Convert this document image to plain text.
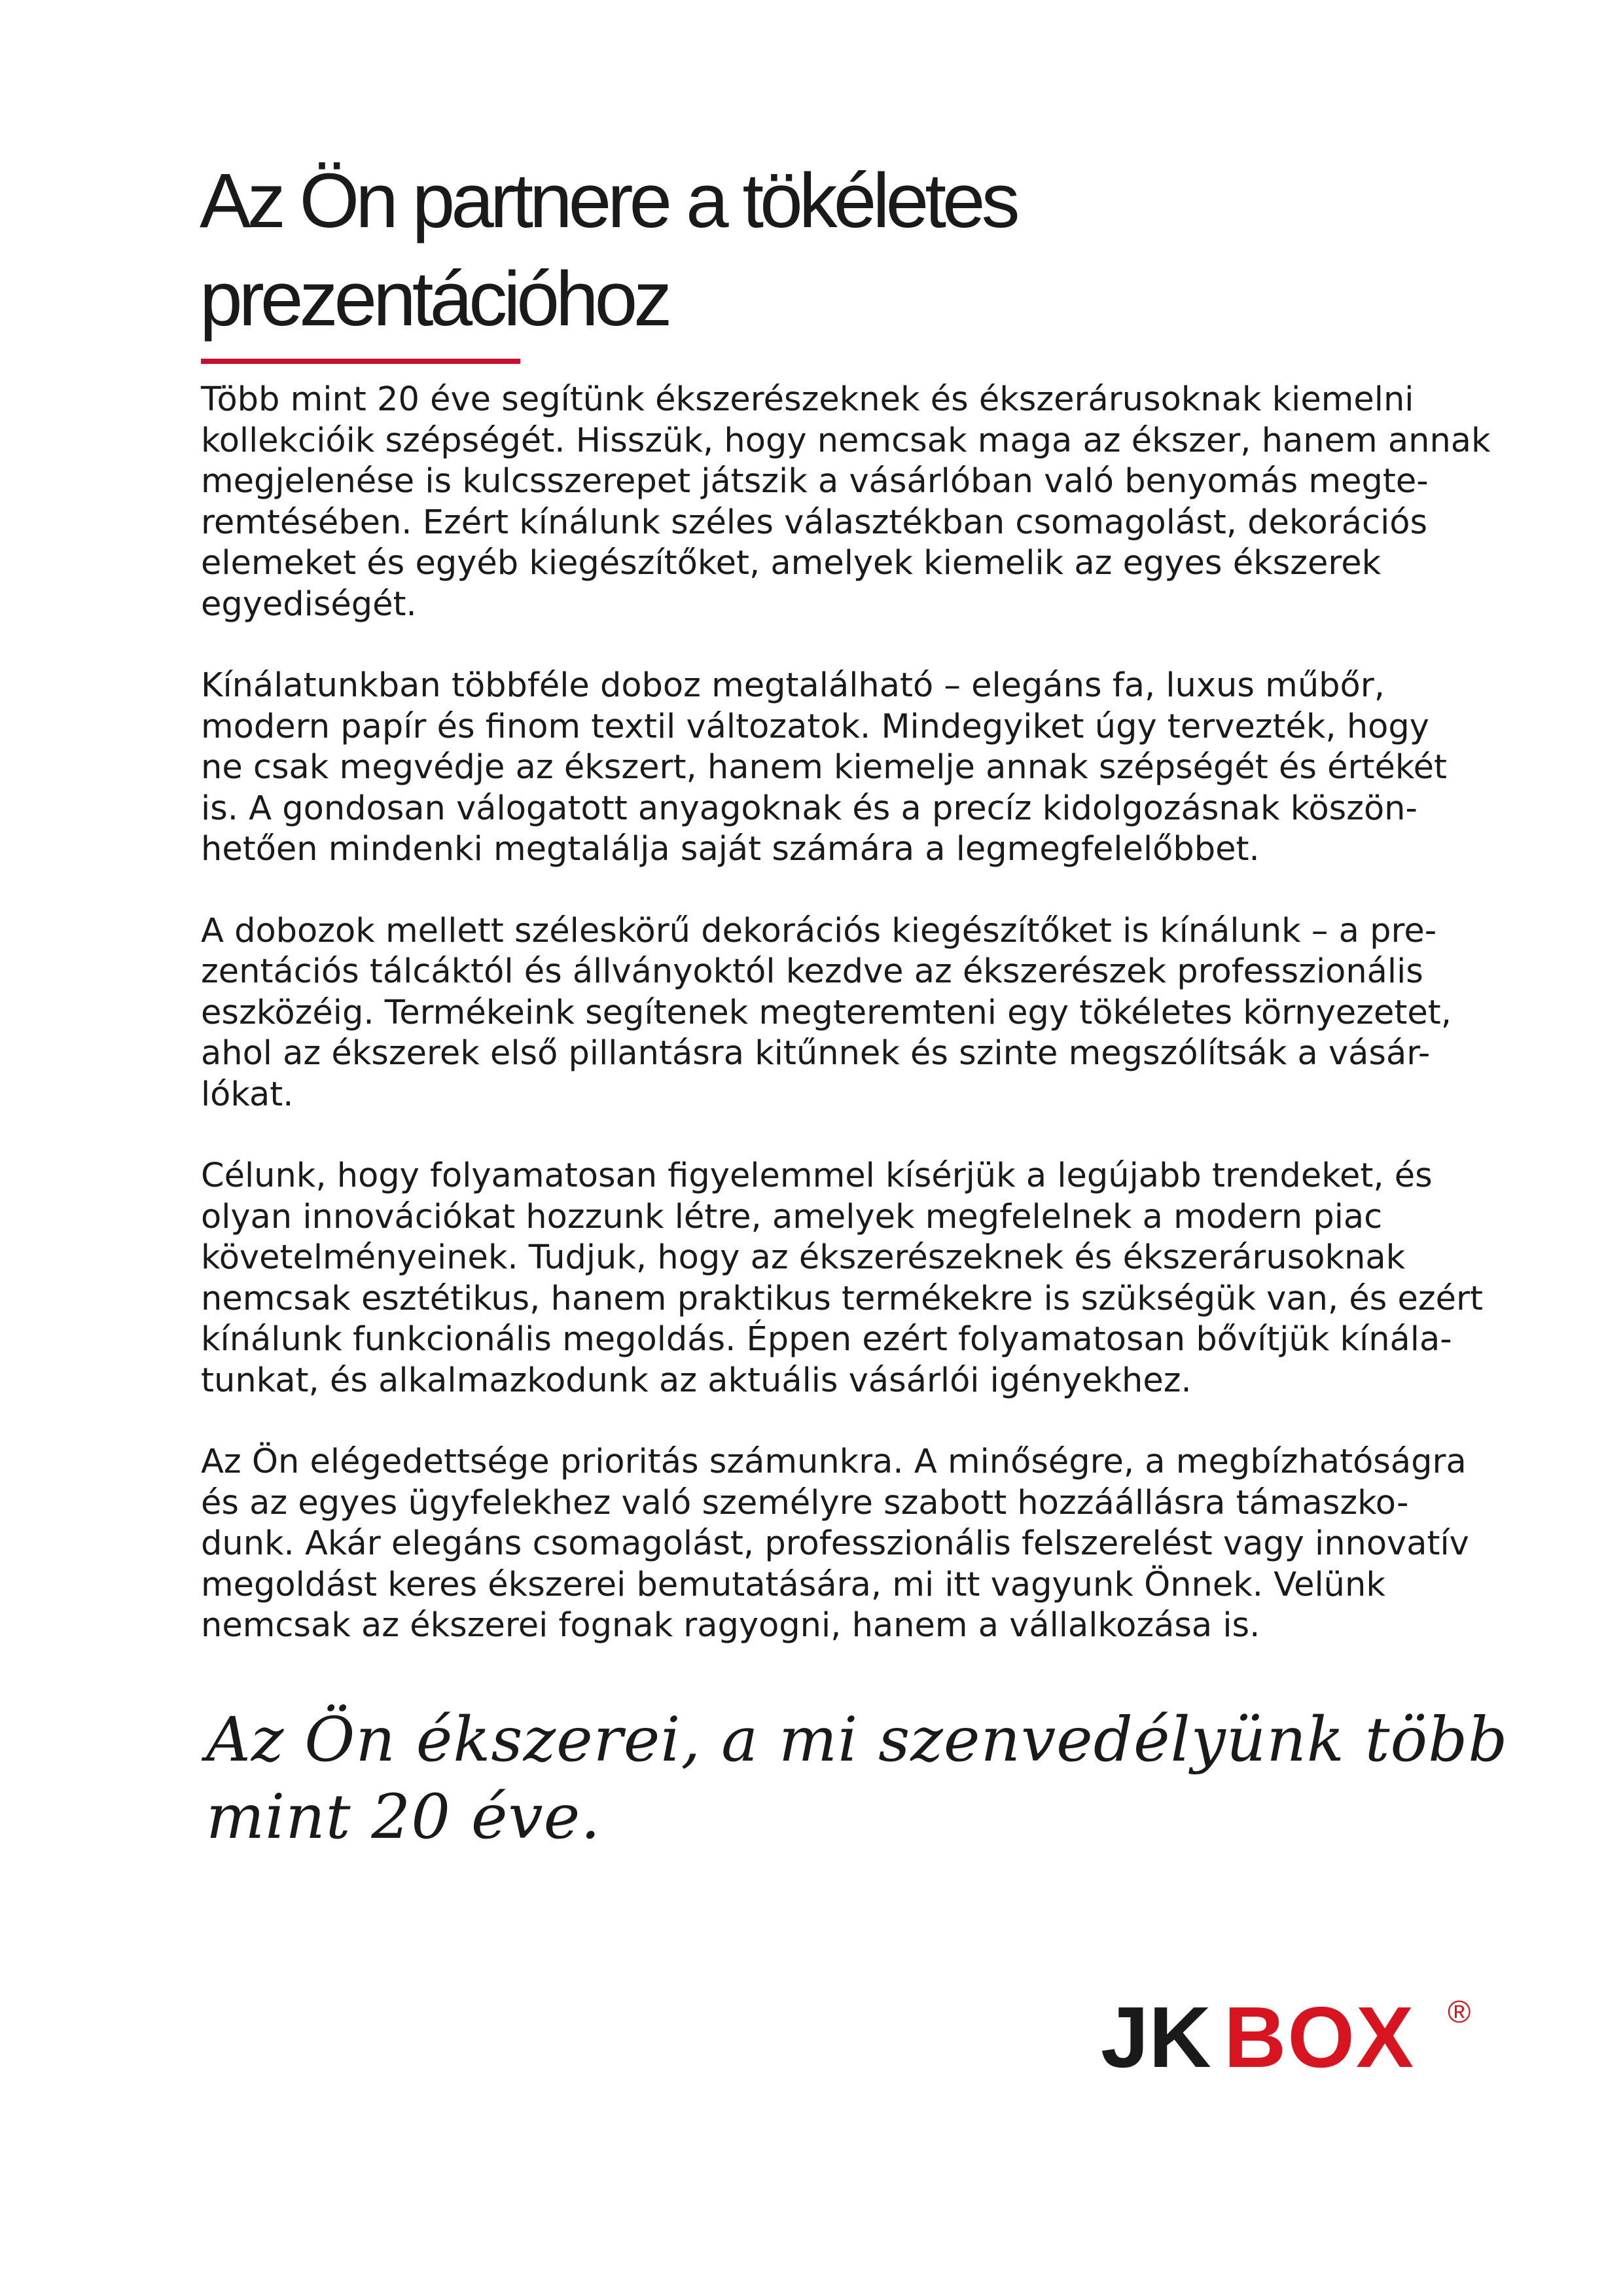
Az Ön partnere a tökéletes
prezentációhoz

Több mint 20 éve segítünk ékszerészeknek és ékszerárusoknak kiemelni
kollekcióik szépségét. Hisszük, hogy nemcsak maga az ékszer, hanem annak
megjelenése is kulcsszerepet játszik a vásárlóban való benyomás megte-
remtésében. Ezért kínálunk széles választékban csomagolást, dekorációs
elemeket és egyéb kiegészítőket, amelyek kiemelik az egyes ékszerek
egyediségét.

Kínálatunkban többféle doboz megtalálható – elegáns fa, luxus műbőr,
modern papír és finom textil változatok. Mindegyiket úgy tervezték, hogy
ne csak megvédje az ékszert, hanem kiemelje annak szépségét és értékét
is. A gondosan válogatott anyagoknak és a precíz kidolgozásnak köszön-
hetően mindenki megtalálja saját számára a legmegfelelőbbet.

A dobozok mellett széleskörű dekorációs kiegészítőket is kínálunk – a pre-
zentációs tálcáktól és állványoktól kezdve az ékszerészek professzionális
eszközéig. Termékeink segítenek megteremteni egy tökéletes környezetet,
ahol az ékszerek első pillantásra kitűnnek és szinte megszólítsák a vásár-
lókat.

Célunk, hogy folyamatosan figyelemmel kísérjük a legújabb trendeket, és
olyan innovációkat hozzunk létre, amelyek megfelelnek a modern piac
követelményeinek. Tudjuk, hogy az ékszerészeknek és ékszerárusoknak
nemcsak esztétikus, hanem praktikus termékekre is szükségük van, és ezért
kínálunk funkcionális megoldás. Éppen ezért folyamatosan bővítjük kínála-
tunkat, és alkalmazkodunk az aktuális vásárlói igényekhez.

Az Ön elégedettsége prioritás számunkra. A minőségre, a megbízhatóságra
és az egyes ügyfelekhez való személyre szabott hozzáállásra támaszko-
dunk. Akár elegáns csomagolást, professzionális felszerelést vagy innovatív
megoldást keres ékszerei bemutatására, mi itt vagyunk Önnek. Velünk
nemcsak az ékszerei fognak ragyogni, hanem a vállalkozása is.

Az Ön ékszerei, a mi szenvedélyünk több
mint 20 éve.
JK BOX ®
